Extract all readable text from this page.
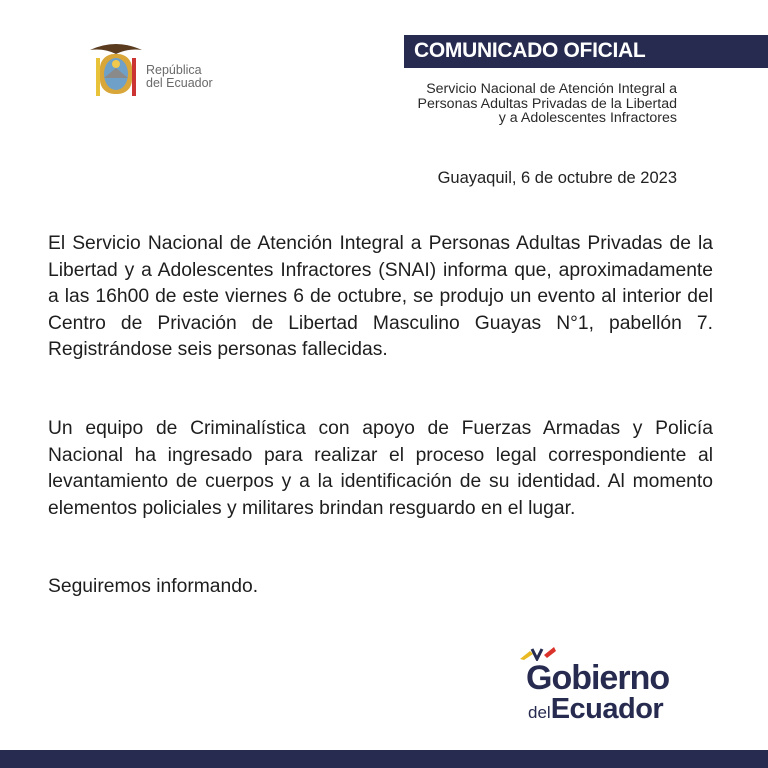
República
del Ecuador
COMUNICADO OFICIAL
Servicio Nacional de Atención Integral a
Personas Adultas Privadas de la Libertad
y a Adolescentes Infractores
Guayaquil, 6 de octubre de 2023

El Servicio Nacional de Atención Integral a Personas Adultas Privadas de la Libertad y a Adolescentes Infractores (SNAI) informa que, aproximadamente a las 16h00 de este viernes 6 de octubre, se produjo un evento al interior del Centro de Privación de Libertad Masculino Guayas N°1, pabellón 7. Registrándose seis personas fallecidas.

Un equipo de Criminalística con apoyo de Fuerzas Armadas y Policía Nacional ha ingresado para realizar el proceso legal correspondiente al levantamiento de cuerpos y a la identificación de su identidad. Al momento elementos policiales y militares brindan resguardo en el lugar.

Seguiremos informando.

Gobierno
delEcuador
